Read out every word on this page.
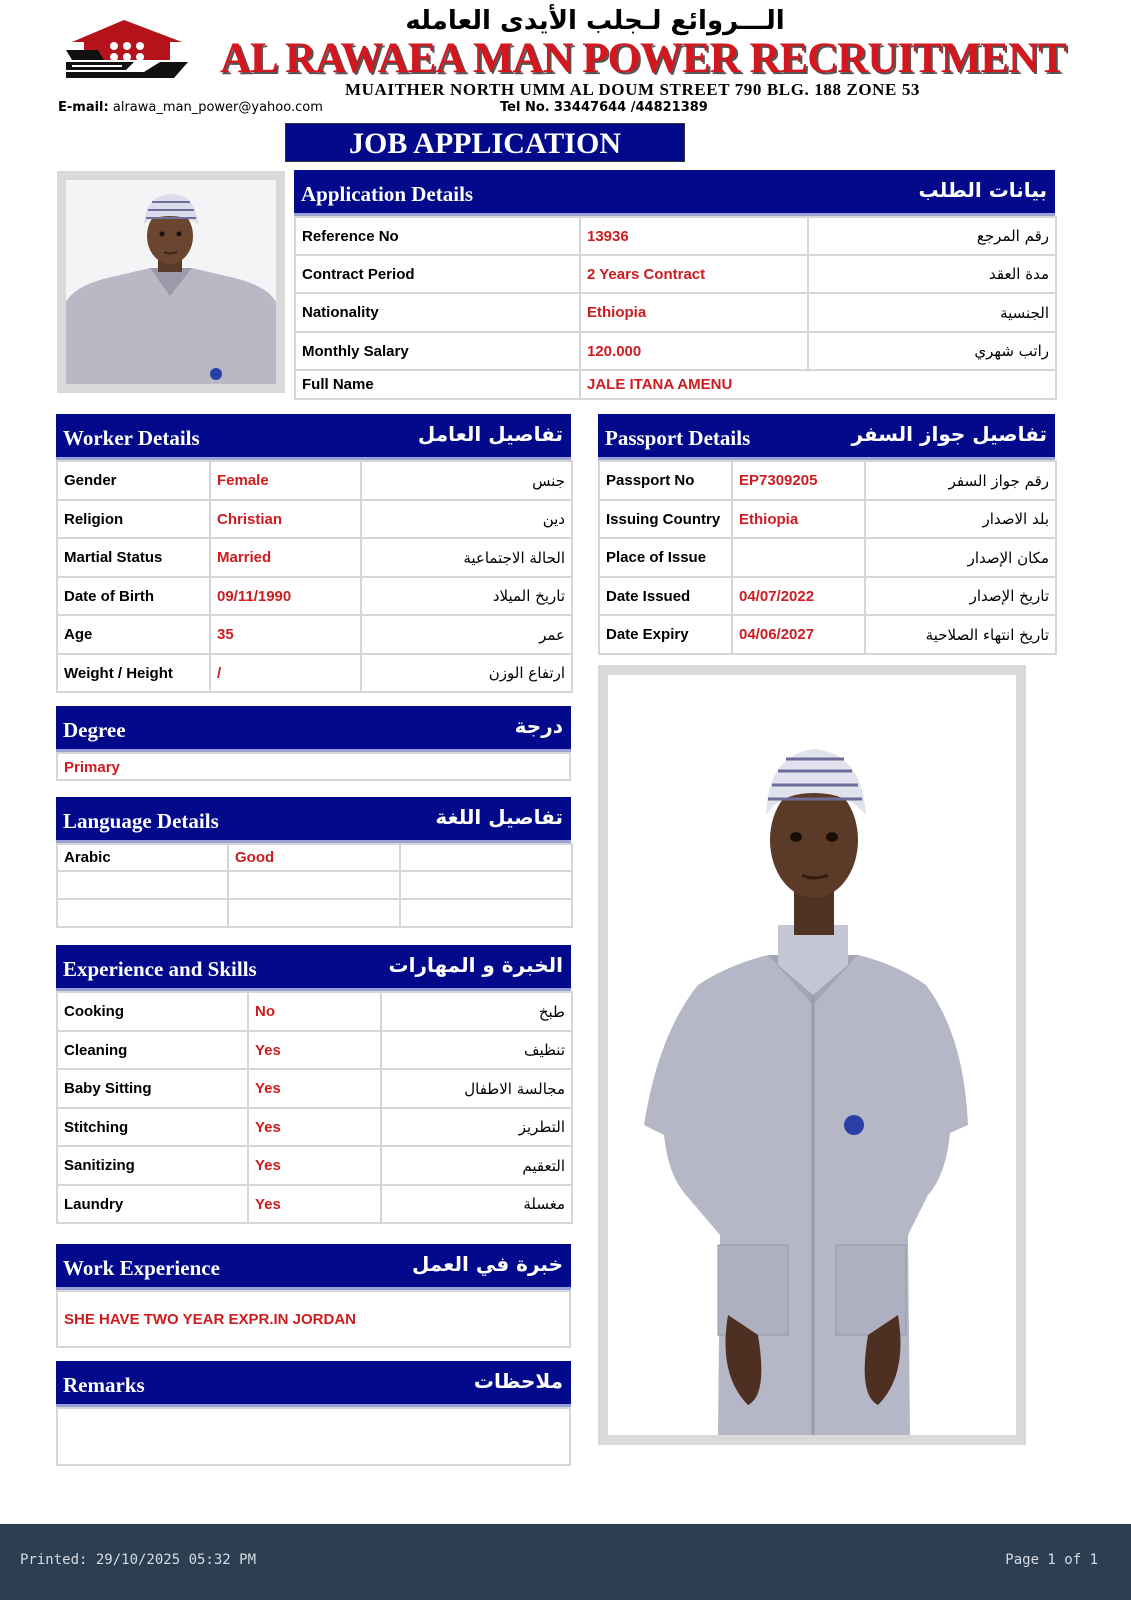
الـــروائع لـجلب الأيدى العامله
AL RAWAEA MAN POWER RECRUITMENT
MUAITHER NORTH UMM AL DOUM STREET 790 BLG. 188 ZONE 53
E-mail: alrawa_man_power@yahoo.com	Tel No. 33447644 /44821389
JOB APPLICATION
Application Details	بيانات الطلب
Reference No	13936	رقم المرجع
Contract Period	2 Years Contract	مدة العقد
Nationality	Ethiopia	الجنسية
Monthly Salary	120.000	راتب شهري
Full Name	JALE ITANA AMENU	
Worker Details	تفاصيل العامل
Gender	Female	جنس
Religion	Christian	دين
Martial Status	Married	الحالة الاجتماعية
Date of Birth	09/11/1990	تاريخ الميلاد
Age	35	عمر
Weight / Height	/	ارتفاع الوزن
Passport Details	تفاصيل جواز السفر
Passport No	EP7309205	رقم جواز السفر
Issuing Country	Ethiopia	بلد الاصدار
Place of Issue		مكان الإصدار
Date Issued	04/07/2022	تاريخ الإصدار
Date Expiry	04/06/2027	تاريخ انتهاء الصلاحية
Degree	درجة
Primary
Language Details	تفاصيل اللغة
Arabic	Good	

Experience and Skills	الخبرة و المهارات
Cooking	No	طبخ
Cleaning	Yes	تنظيف
Baby Sitting	Yes	مجالسة الاطفال
Stitching	Yes	التطريز
Sanitizing	Yes	التعقيم
Laundry	Yes	مغسلة
Work Experience	خبرة في العمل
SHE HAVE TWO YEAR EXPR.IN JORDAN
Remarks	ملاحظات
Printed: 29/10/2025 05:32 PM	Page 1 of 1
